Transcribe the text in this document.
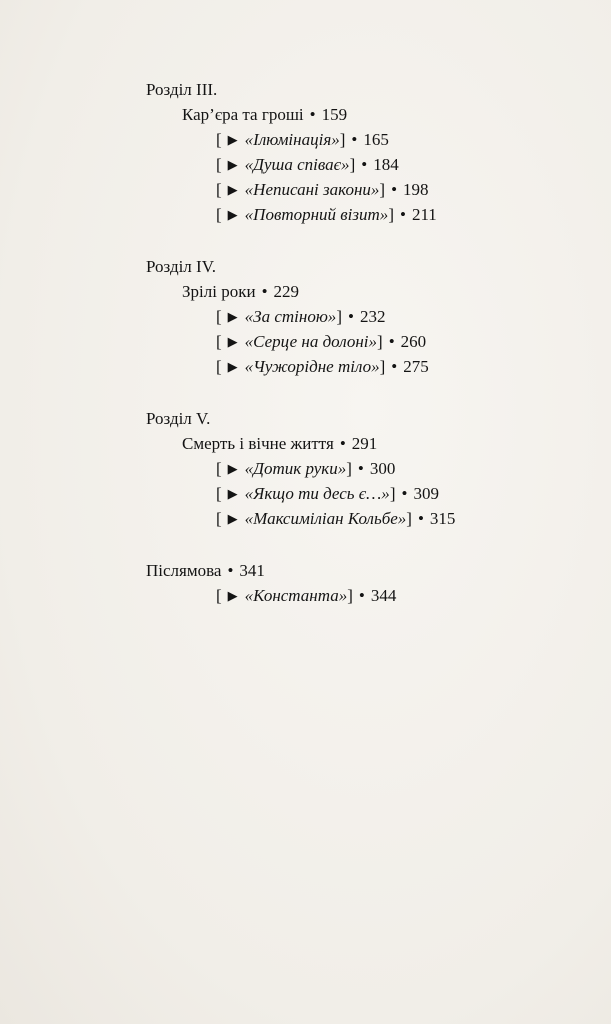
Розділ III.
Кар’єра та гроші • 159
[ ▶ «Ілюмінація»] • 165
[ ▶ «Душа співає»] • 184
[ ▶ «Неписані закони»] • 198
[ ▶ «Повторний візит»] • 211
Розділ IV.
Зрілі роки • 229
[ ▶ «За стіною»] • 232
[ ▶ «Серце на долоні»] • 260
[ ▶ «Чужорідне тіло»] • 275
Розділ V.
Смерть і вічне життя • 291
[ ▶ «Дотик руки»] • 300
[ ▶ «Якщо ти десь є…»] • 309
[ ▶ «Максиміліан Кольбе»] • 315
Післямова • 341
[ ▶ «Константа»] • 344
